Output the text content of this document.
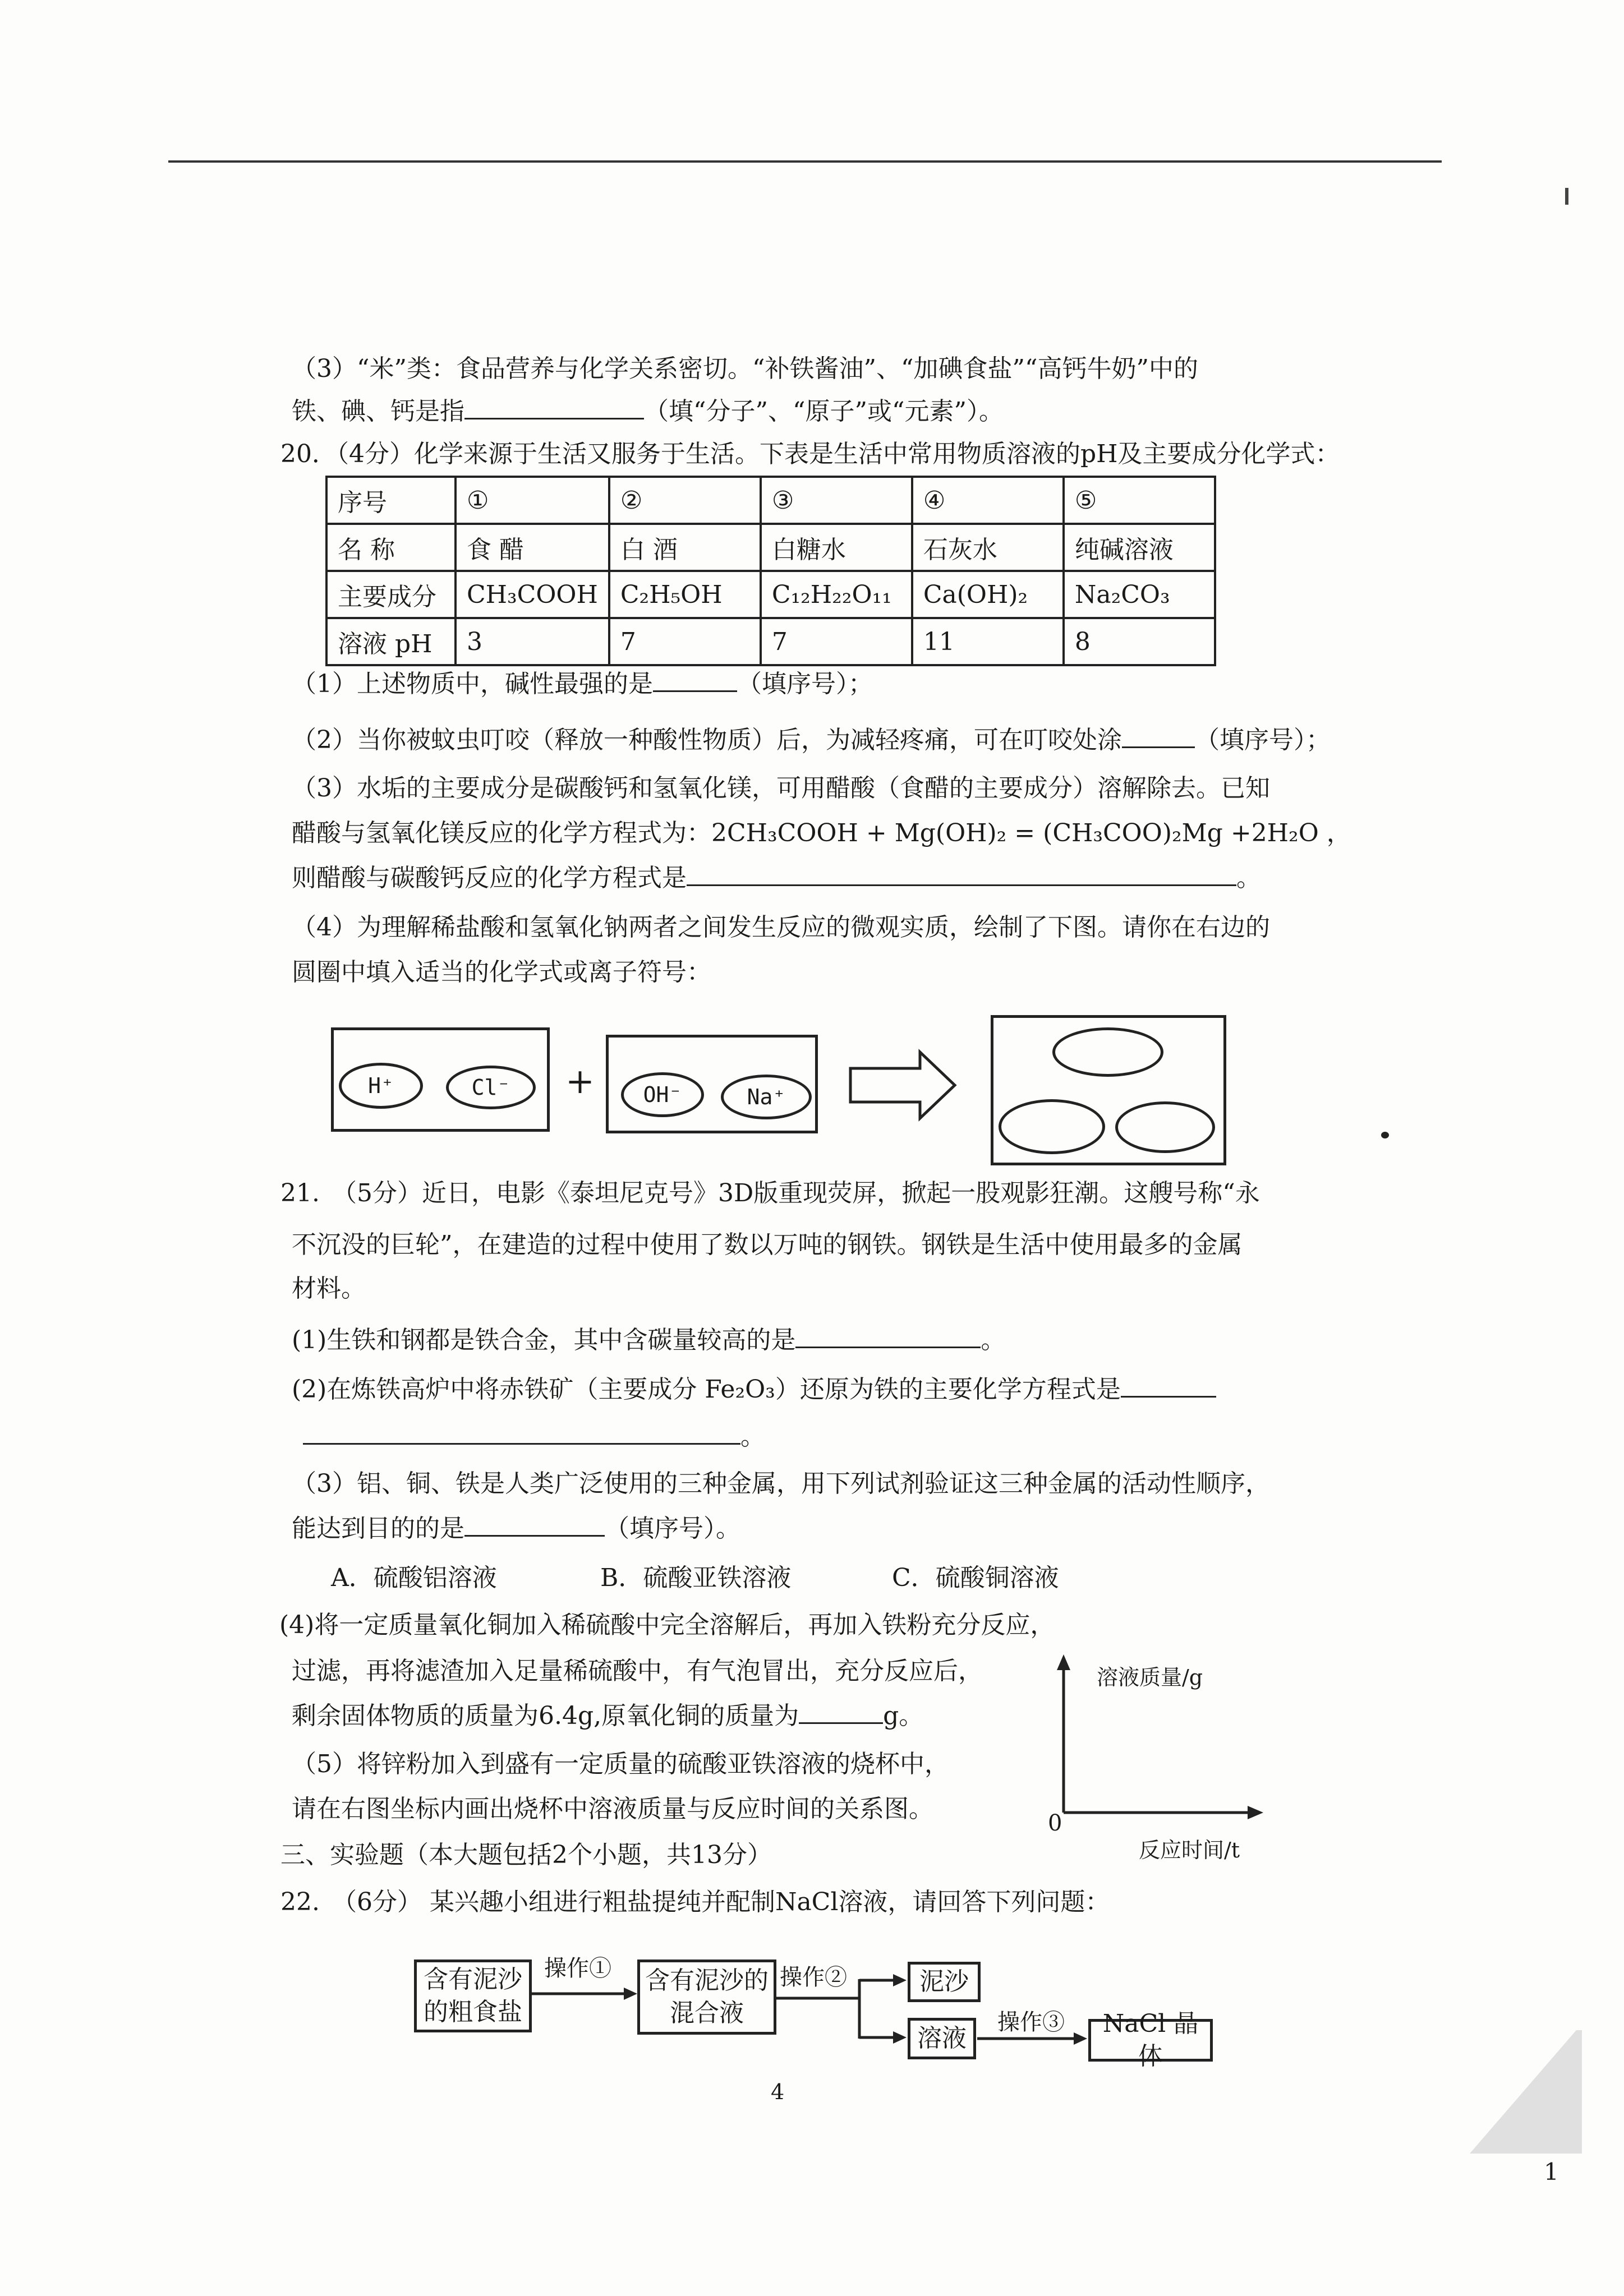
（3）“米”类：食品营养与化学关系密切。“补铁酱油”、“加碘食盐”“高钙牛奶”中的
铁、碘、钙是指	（填“分子”、“原子”或“元素”）。
20．（4分）化学来源于生活又服务于生活。下表是生活中常用物质溶液的pH及主要成分化学式：
序号	①	②	③	④	⑤
名 称	食 醋	白 酒	白糖水	石灰水	纯碱溶液
主要成分	CH₃COOH	C₂H₅OH	C₁₂H₂₂O₁₁	Ca(OH)₂	Na₂CO₃
溶液 pH	3	7	7	11	8
（1）上述物质中，碱性最强的是	（填序号）；
（2）当你被蚊虫叮咬（释放一种酸性物质）后，为减轻疼痛，可在叮咬处涂	（填序号）；
（3）水垢的主要成分是碳酸钙和氢氧化镁，可用醋酸（食醋的主要成分）溶解除去。已知
醋酸与氢氧化镁反应的化学方程式为：2CH₃COOH + Mg(OH)₂ = (CH₃COO)₂Mg +2H₂O ，
则醋酸与碳酸钙反应的化学方程式是	。
（4）为理解稀盐酸和氢氧化钠两者之间发生反应的微观实质，绘制了下图。请你在右边的
圆圈中填入适当的化学式或离子符号：
H⁺	Cl⁻ + OH⁻	Na⁺
21.　（5分）近日，电影《泰坦尼克号》3D版重现荧屏，掀起一股观影狂潮。这艘号称“永
不沉没的巨轮”，在建造的过程中使用了数以万吨的钢铁。钢铁是生活中使用最多的金属
材料。
(1)生铁和钢都是铁合金，其中含碳量较高的是	。
(2)在炼铁高炉中将赤铁矿（主要成分 Fe₂O₃）还原为铁的主要化学方程式是
。
（3）铝、铜、铁是人类广泛使用的三种金属，用下列试剂验证这三种金属的活动性顺序，
能达到目的的是	（填序号）。
A．硫酸铝溶液	B．硫酸亚铁溶液	C．硫酸铜溶液
(4)将一定质量氧化铜加入稀硫酸中完全溶解后，再加入铁粉充分反应，
过滤，再将滤渣加入足量稀硫酸中，有气泡冒出，充分反应后，
剩余固体物质的质量为6.4g,原氧化铜的质量为	g。
（5）将锌粉加入到盛有一定质量的硫酸亚铁溶液的烧杯中，
请在右图坐标内画出烧杯中溶液质量与反应时间的关系图。
溶液质量/g
反应时间/t
0
三、实验题（本大题包括2个小题，共13分）
22.　（6分） 某兴趣小组进行粗盐提纯并配制NaCl溶液，请回答下列问题：
含有泥沙
的粗食盐
操作① 含有泥沙的
混合液
操作②	泥沙
溶液
操作③	NaCl 晶体
4
1
